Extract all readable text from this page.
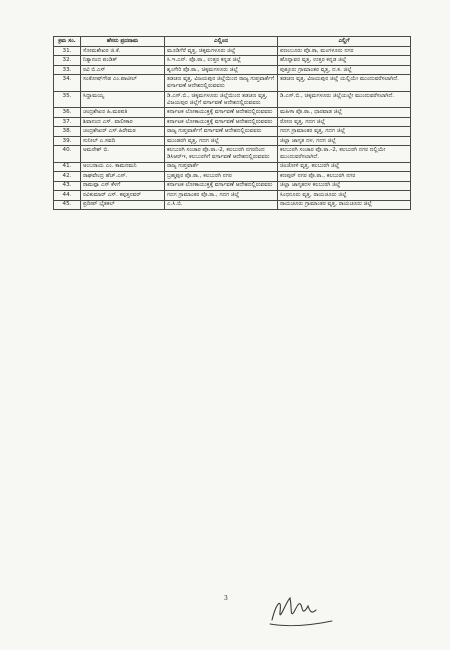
ಕ್ರಮ ಸಂ.	ಹೆಸರು ಪ್ರದನಾಮ	ಎಲ್ಲಿಂದ	ಎಲ್ಲಿಗೆ
31.	ಸೋಮಶೇಖರ ಜಿ.ಕೆ.	ಮೂಡಿಗೆರೆ ವೃತ್ತ, ಚಿಕ್ಕಮಗಳೂರು ಜಿಲ್ಲೆ	ಪಣಂಬೂರು ಪೊ.ಠಾ, ಮಂಗಳೂರು ನಗರ
32.	ನಿತ್ಯಾನಂದ ಪಂಡಿತ್	ಸಿ.ಇ.ಎನ್. ಪೊ.ಠಾ., ಉತ್ತರ ಕನ್ನಡ ಜಿಲ್ಲೆ	ಹೊನ್ನಾವರ ವೃತ್ತ, ಉತ್ತರ ಕನ್ನಡ ಜಿಲ್ಲೆ
33.	ರವಿ ಬಿ.ಎಸ್	ಶೃಂಗೇರಿ ಪೊ.ಠಾ., ಚಿಕ್ಕಮಗಳೂರು ಜಿಲ್ಲೆ	ಪುತ್ತೂರು ಗ್ರಾಮಾಂತರ ವೃತ್ತ, ದ.ಕ. ಜಿಲ್ಲೆ
34.	ಸಂತೋಷ್‌ಗೌಡ ಎಂ.ಪಾಟೀಲ್	ತಡಚಣ ವೃತ್ತ, ವಿಜಯಪುರ ಜಿಲ್ಲೆಯಿಂದ ರಾಜ್ಯ ಗುಪ್ತವಾರ್ತೆಗೆ ವರ್ಗಾವಣೆ ಆದೇಶದಲ್ಲಿರುವವರು	ತಡಚಣ ವೃತ್ತ, ವಿಜಯಪುರ ಜಿಲ್ಲೆ ಯಲ್ಲಿಯೇ ಮುಂದುವರೆಸಲಾಗಿದೆ.
35.	ಸಿದ್ದಾಮಯ್ಯ	ಡಿ.ಎಸ್.ಬಿ., ಚಿಕ್ಕಮಗಳೂರು ಜಿಲ್ಲೆಯಿಂದ ತಡಚಣ ವೃತ್ತ, ವಿಜಯಪುರ ಜಿಲ್ಲೆಗೆ ವರ್ಗಾವಣೆ ಆದೇಶದಲ್ಲಿರುವವರು	ಡಿ.ಎಸ್.ಬಿ., ಚಿಕ್ಕಮಗಳೂರು ಜಿಲ್ಲೆಯಲ್ಲೇ ಮುಂದುವರೆಸಲಾಗಿದೆ.
36.	ಚಂದ್ರಶೇಖರ ಹಿ.ಮಠಪತಿ	ಕರ್ನಾಟಕ ಲೋಕಾಯುಕ್ತಕ್ಕೆ ವರ್ಗಾವಣೆ ಆದೇಶದಲ್ಲಿರುವವರು	ಮಹಿಳಾ ಪೊ.ಠಾ., ಧಾರವಾಡ ಜಿಲ್ಲೆ
37.	ಶಿವಾನಂದ ಎಸ್. ವಾಲೀಕಾರ	ಕರ್ನಾಟಕ ಲೋಕಾಯುಕ್ತಕ್ಕೆ ವರ್ಗಾವಣೆ ಆದೇಶದಲ್ಲಿರುವವರು	ರೋಣ ವೃತ್ತ, ಗದಗ ಜಿಲ್ಲೆ
38.	ಚಂದ್ರಶೇಖರ್ ಎಸ್.ಹಿರೇಮಠ	ರಾಜ್ಯ ಗುಪ್ತವಾರ್ತೆಗೆ ವರ್ಗಾವಣೆ ಆದೇಶದಲ್ಲಿರುವವರು	ಗದಗ ಗ್ರಾಮಾಂತರ ವೃತ್ತ, ಗದಗ ಜಿಲ್ಲೆ
39.	ಸುನೀಲ್ ಎ.ಸವದಿ	ಮುಂಡರಗಿ ವೃತ್ತ, ಗದಗ ಜಿಲ್ಲೆ	ಜಿಲ್ಲಾ ಜಾಗೃತ ದಳ, ಗದಗ ಜಿಲ್ಲೆ
40.	ಅಮರೇಶ್ ಬಿ.	ಕಲಬುರಗಿ ಸಂಚಾರ ಪೊ.ಠಾ.-2, ಕಲಬುರಗಿ ನಗರದಿಂದ ಡಿಸಿಆರ್‌ಇ, ಕಲಬುರಗಿಗೆ ವರ್ಗಾವಣೆ ಆದೇಶದಲ್ಲಿರುವವರು	ಕಲಬುರಗಿ ಸಂಚಾರ ಪೊ.ಠಾ.-2, ಕಲಬುರಗಿ ನಗರ ದಲ್ಲಿಯೇ ಮುಂದುವರೆಸಲಾಗಿದೆ.
41.	ಅಂಬರಾಯ ಎಂ. ಕಾಮನಮನಿ	ರಾಜ್ಯ ಗುಪ್ತವಾರ್ತೆ	ಚಿಂಚೋಳಿ ವೃತ್ತ, ಕಲಬುರಗಿ ಜಿಲ್ಲೆ
42.	ರಾಘವೇಂದ್ರ ಹೆಚ್.ಎಸ್.	ಬ್ರಹ್ಮಪುರ ಪೊ.ಠಾ., ಕಲಬುರಗಿ ನಗರ	ಕಣಪುರ್ ನಗರ ಪೊ.ಠಾ., ಕಲಬುರಗಿ ನಗರ
43.	ರಾಮಪ್ಪಾ ಎಸ್ ಕೆಳಗೆ	ಕರ್ನಾಟಕ ಲೋಕಾಯುಕ್ತಕ್ಕೆ ವರ್ಗಾವಣೆ ಆದೇಶದಲ್ಲಿರುವವರು	ಜಿಲ್ಲಾ ಜಾಗೃತದಳ ಕಲಬುರಗಿ ಜಿಲ್ಲೆ
44.	ರವಿಕುಮಾರ್ ಎಸ್. ಕಪ್ಪತ್ತನವರ್	ಗದಗ ಗ್ರಾಮಾಂತರ ಪೊ.ಠಾ., ಗದಗ ಜಿಲ್ಲೆ	ಸಿಂಧನೂರು ವೃತ್ತ, ರಾಯಚೂರು ಜಿಲ್ಲೆ
45.	ಪ್ರದೀಪ್ ಭೈತಕಲ್	ಎ.ಸಿ.ಬಿ.	ರಾಯಚೂರು ಗ್ರಾಮಾಂತರ ವೃತ್ತ, ರಾಯಚೂರು ಜಿಲ್ಲೆ
3
